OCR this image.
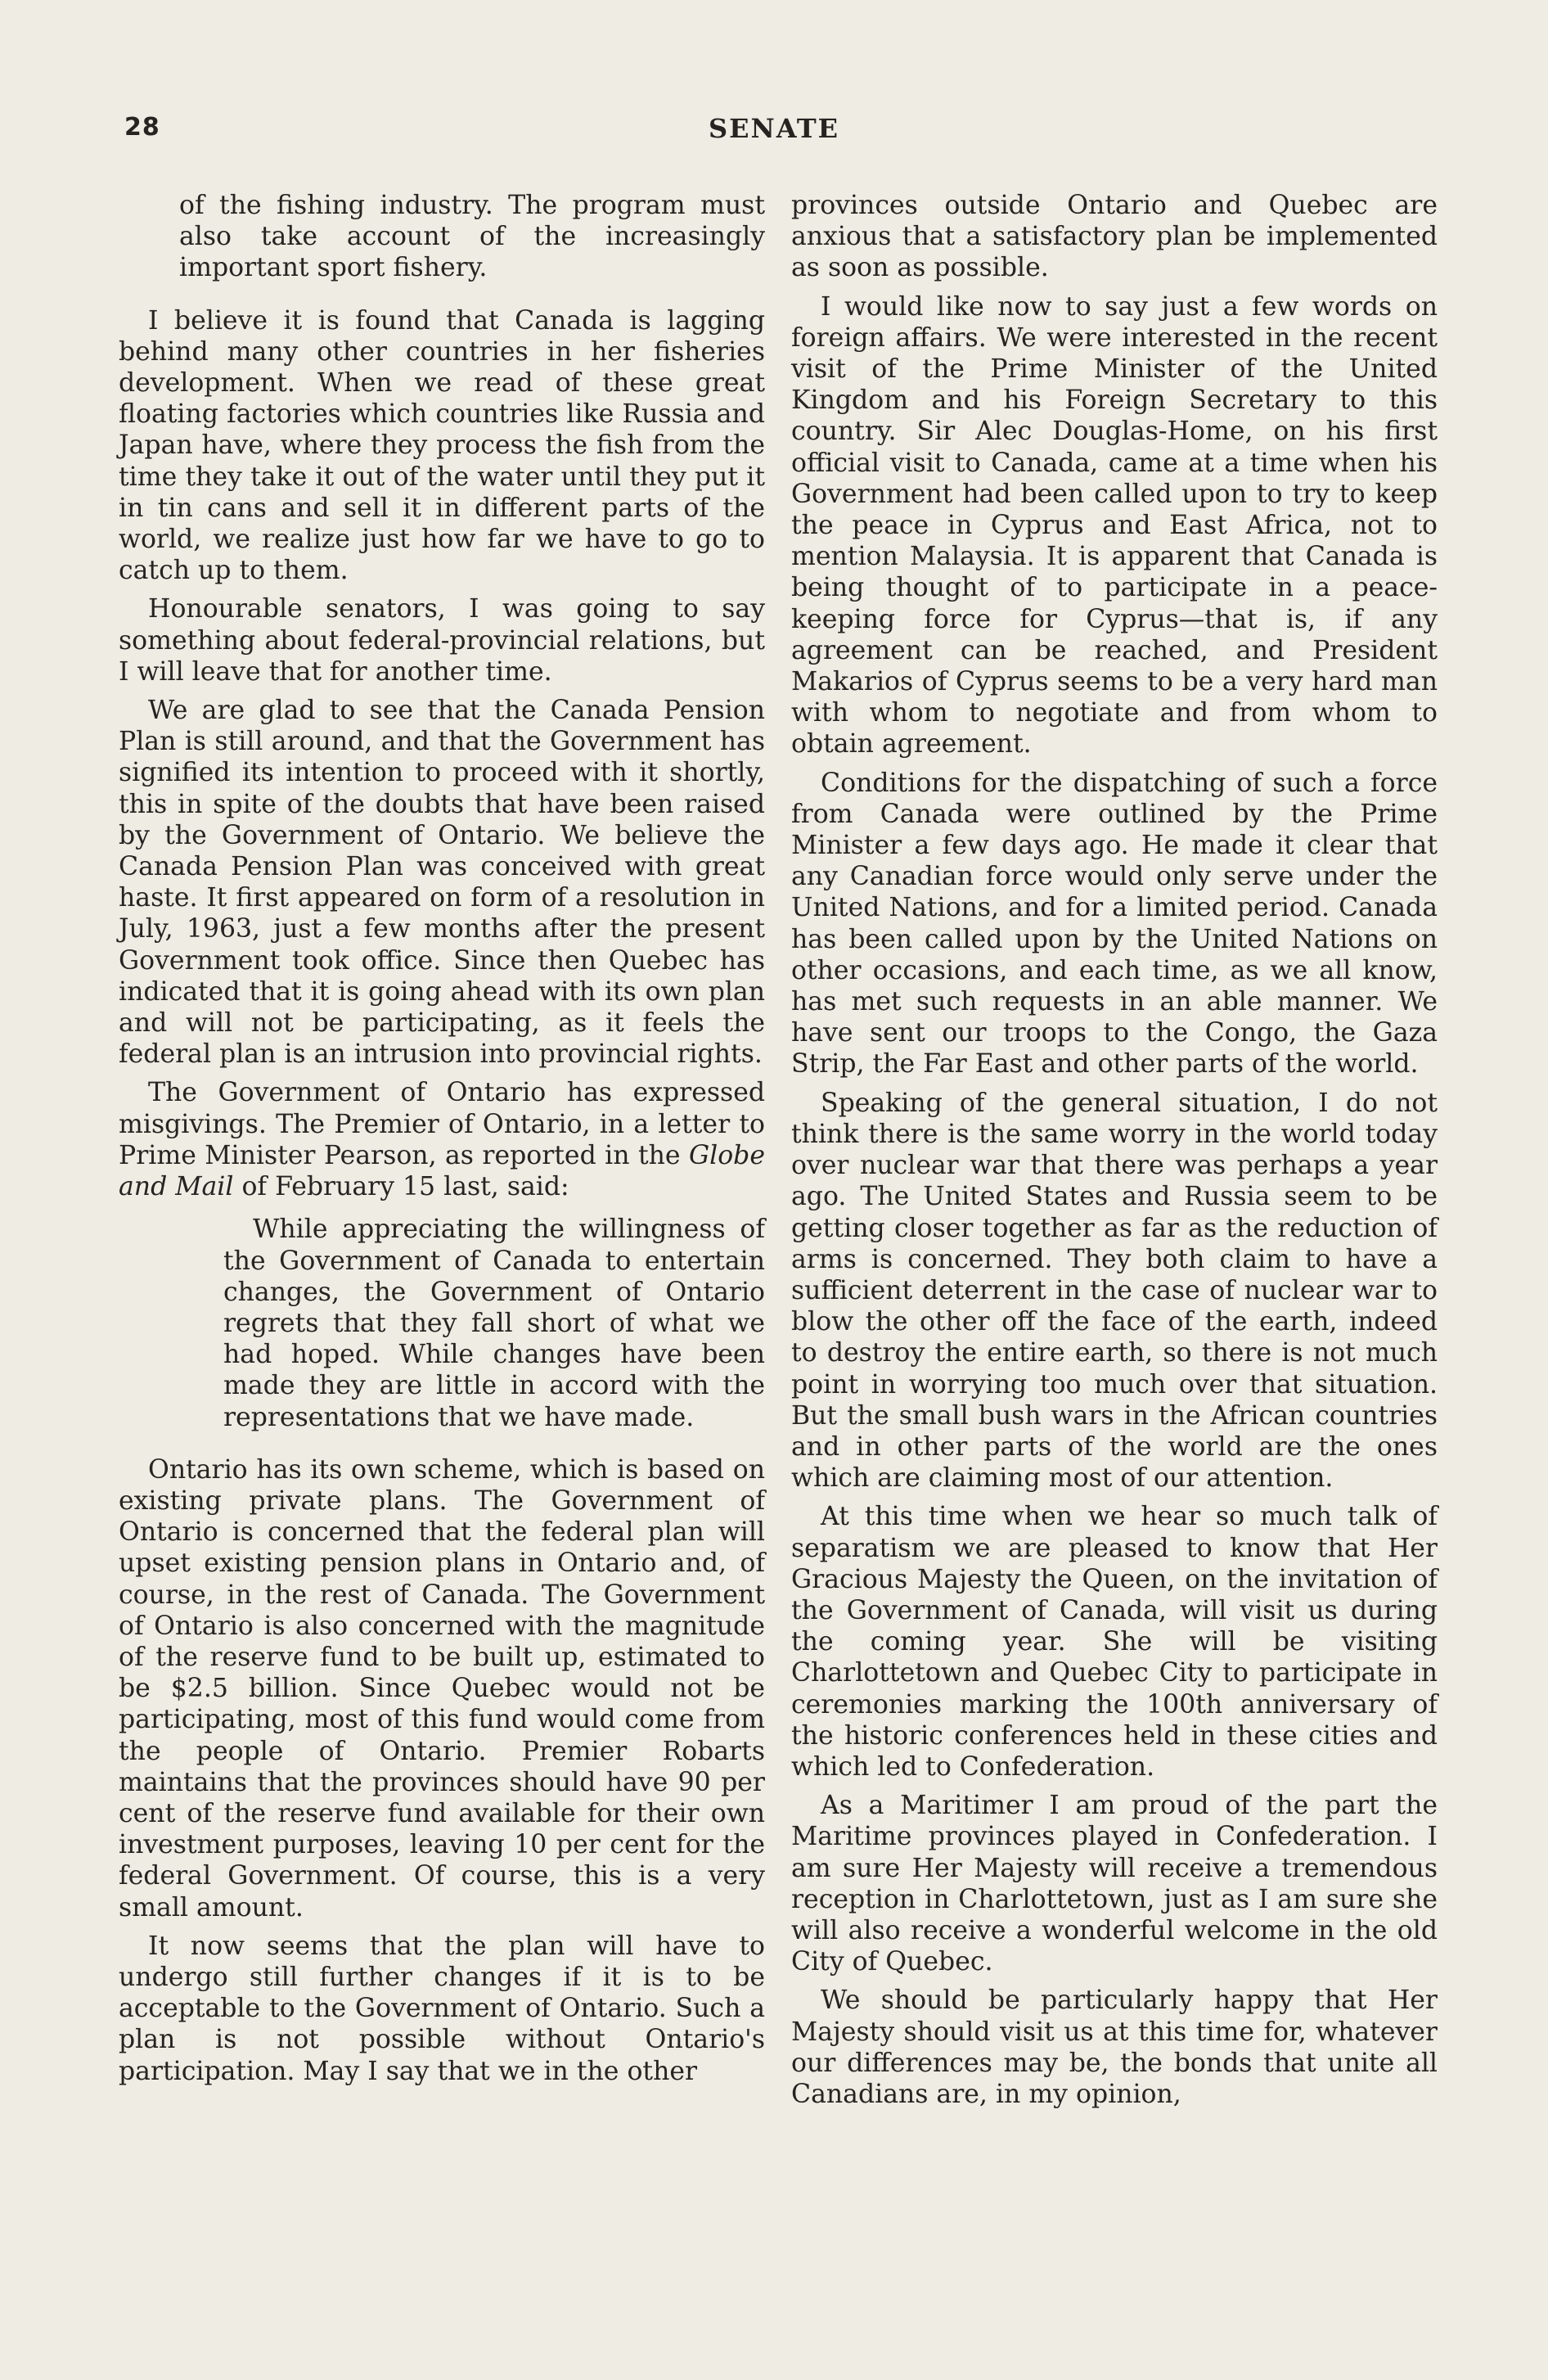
28	SENATE

of the fishing industry. The program must also take account of the increasingly important sport fishery.

I believe it is found that Canada is lagging behind many other countries in her fisheries development. When we read of these great floating factories which countries like Russia and Japan have, where they process the fish from the time they take it out of the water until they put it in tin cans and sell it in different parts of the world, we realize just how far we have to go to catch up to them.

Honourable senators, I was going to say something about federal-provincial relations, but I will leave that for another time.

We are glad to see that the Canada Pension Plan is still around, and that the Government has signified its intention to proceed with it shortly, this in spite of the doubts that have been raised by the Government of Ontario. We believe the Canada Pension Plan was conceived with great haste. It first appeared on form of a resolution in July, 1963, just a few months after the present Government took office. Since then Quebec has indicated that it is going ahead with its own plan and will not be participating, as it feels the federal plan is an intrusion into provincial rights.

The Government of Ontario has expressed misgivings. The Premier of Ontario, in a letter to Prime Minister Pearson, as reported in the Globe and Mail of February 15 last, said:

While appreciating the willingness of the Government of Canada to entertain changes, the Government of Ontario regrets that they fall short of what we had hoped. While changes have been made they are little in accord with the representations that we have made.

Ontario has its own scheme, which is based on existing private plans. The Government of Ontario is concerned that the federal plan will upset existing pension plans in Ontario and, of course, in the rest of Canada. The Government of Ontario is also concerned with the magnitude of the reserve fund to be built up, estimated to be $2.5 billion. Since Quebec would not be participating, most of this fund would come from the people of Ontario. Premier Robarts maintains that the provinces should have 90 per cent of the reserve fund available for their own investment purposes, leaving 10 per cent for the federal Government. Of course, this is a very small amount.

It now seems that the plan will have to undergo still further changes if it is to be acceptable to the Government of Ontario. Such a plan is not possible without Ontario's participation. May I say that we in the other

provinces outside Ontario and Quebec are anxious that a satisfactory plan be implemented as soon as possible.

I would like now to say just a few words on foreign affairs. We were interested in the recent visit of the Prime Minister of the United Kingdom and his Foreign Secretary to this country. Sir Alec Douglas-Home, on his first official visit to Canada, came at a time when his Government had been called upon to try to keep the peace in Cyprus and East Africa, not to mention Malaysia. It is apparent that Canada is being thought of to participate in a peace-keeping force for Cyprus—that is, if any agreement can be reached, and President Makarios of Cyprus seems to be a very hard man with whom to negotiate and from whom to obtain agreement.

Conditions for the dispatching of such a force from Canada were outlined by the Prime Minister a few days ago. He made it clear that any Canadian force would only serve under the United Nations, and for a limited period. Canada has been called upon by the United Nations on other occasions, and each time, as we all know, has met such requests in an able manner. We have sent our troops to the Congo, the Gaza Strip, the Far East and other parts of the world.

Speaking of the general situation, I do not think there is the same worry in the world today over nuclear war that there was perhaps a year ago. The United States and Russia seem to be getting closer together as far as the reduction of arms is concerned. They both claim to have a sufficient deterrent in the case of nuclear war to blow the other off the face of the earth, indeed to destroy the entire earth, so there is not much point in worrying too much over that situation. But the small bush wars in the African countries and in other parts of the world are the ones which are claiming most of our attention.

At this time when we hear so much talk of separatism we are pleased to know that Her Gracious Majesty the Queen, on the invitation of the Government of Canada, will visit us during the coming year. She will be visiting Charlottetown and Quebec City to participate in ceremonies marking the 100th anniversary of the historic conferences held in these cities and which led to Confederation.

As a Maritimer I am proud of the part the Maritime provinces played in Confederation. I am sure Her Majesty will receive a tremendous reception in Charlottetown, just as I am sure she will also receive a wonderful welcome in the old City of Quebec.

We should be particularly happy that Her Majesty should visit us at this time for, whatever our differences may be, the bonds that unite all Canadians are, in my opinion,
